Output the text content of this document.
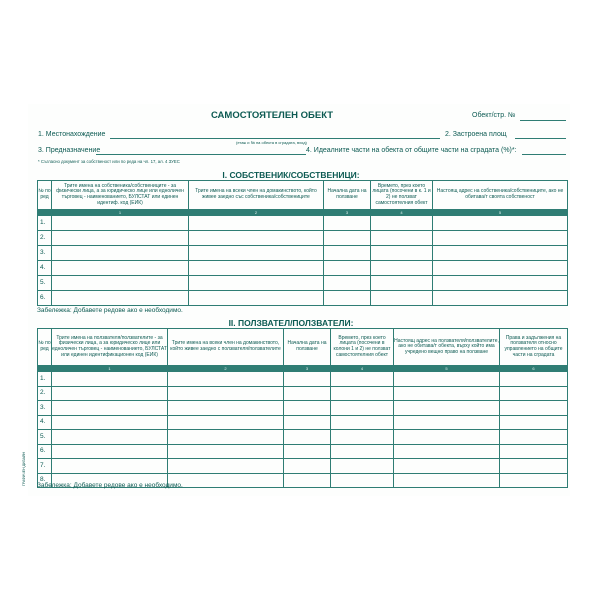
САМОСТОЯТЕЛЕН ОБЕКТ	Обект/стр. №
1. Местонахождение
(етаж и № на обекта в сградата, вход)
2. Застроена площ
3. Предназначение	4. Идеалните части на обекта от общите части на сградата (%)*:
* Съгласно документ за собственост или по реда на чл. 17, ал. 4 ЗУЕС
I. СОБСТВЕНИК/СОБСТВЕНИЦИ:
№ по ред	Трите имена на собственика/собствениците - за физически лица, а за юридическо лице или едноличен търговец - наименованието, БУЛСТАТ или единен идентиф. код (ЕИК)	Трите имена на всеки член на домакинството, който живее заедно със собственика/собствениците	Начална дата на ползване	Времето, през което лицата (посочени в к. 1 и 2) не ползват самостоятелния обект	Настоящ адрес на собственика/собствениците, ако не обитава/т своята собственост
	1	2	3	4	5
1.					
2.					
3.					
4.					
5.					
6.					
Забележка: Добавете редове ако е необходимо.
II. ПОЛЗВАТЕЛ/ПОЛЗВАТЕЛИ:
№ по ред	Трите имена на ползвателя/ползвателите - за физически лица, а за юридическо лице или едноличен търговец - наименованието, БУЛСТАТ или единен идентификационен код (ЕИК)	Трите имена на всеки член на домакинството, който живее заедно с ползвателя/ползвателите	Начална дата на ползване	Времето, през което лицата (посочени в колони 1 и 2) не ползват самостоятелния обект	Настоящ адрес на ползвателя/ползвателите, ако не обитава/т обекта, върху който има учредено вещно право на ползване	Права и задължения на ползвателя относно управлението на общите части на сградата
	1	2	3	4	5	6
1.						
2.						
3.						
4.						
5.						
6.						
7.						
8.						
Забележка: Добавете редове ако е необходимо.
ГРАФИЧЕН ДИЗАЙН
